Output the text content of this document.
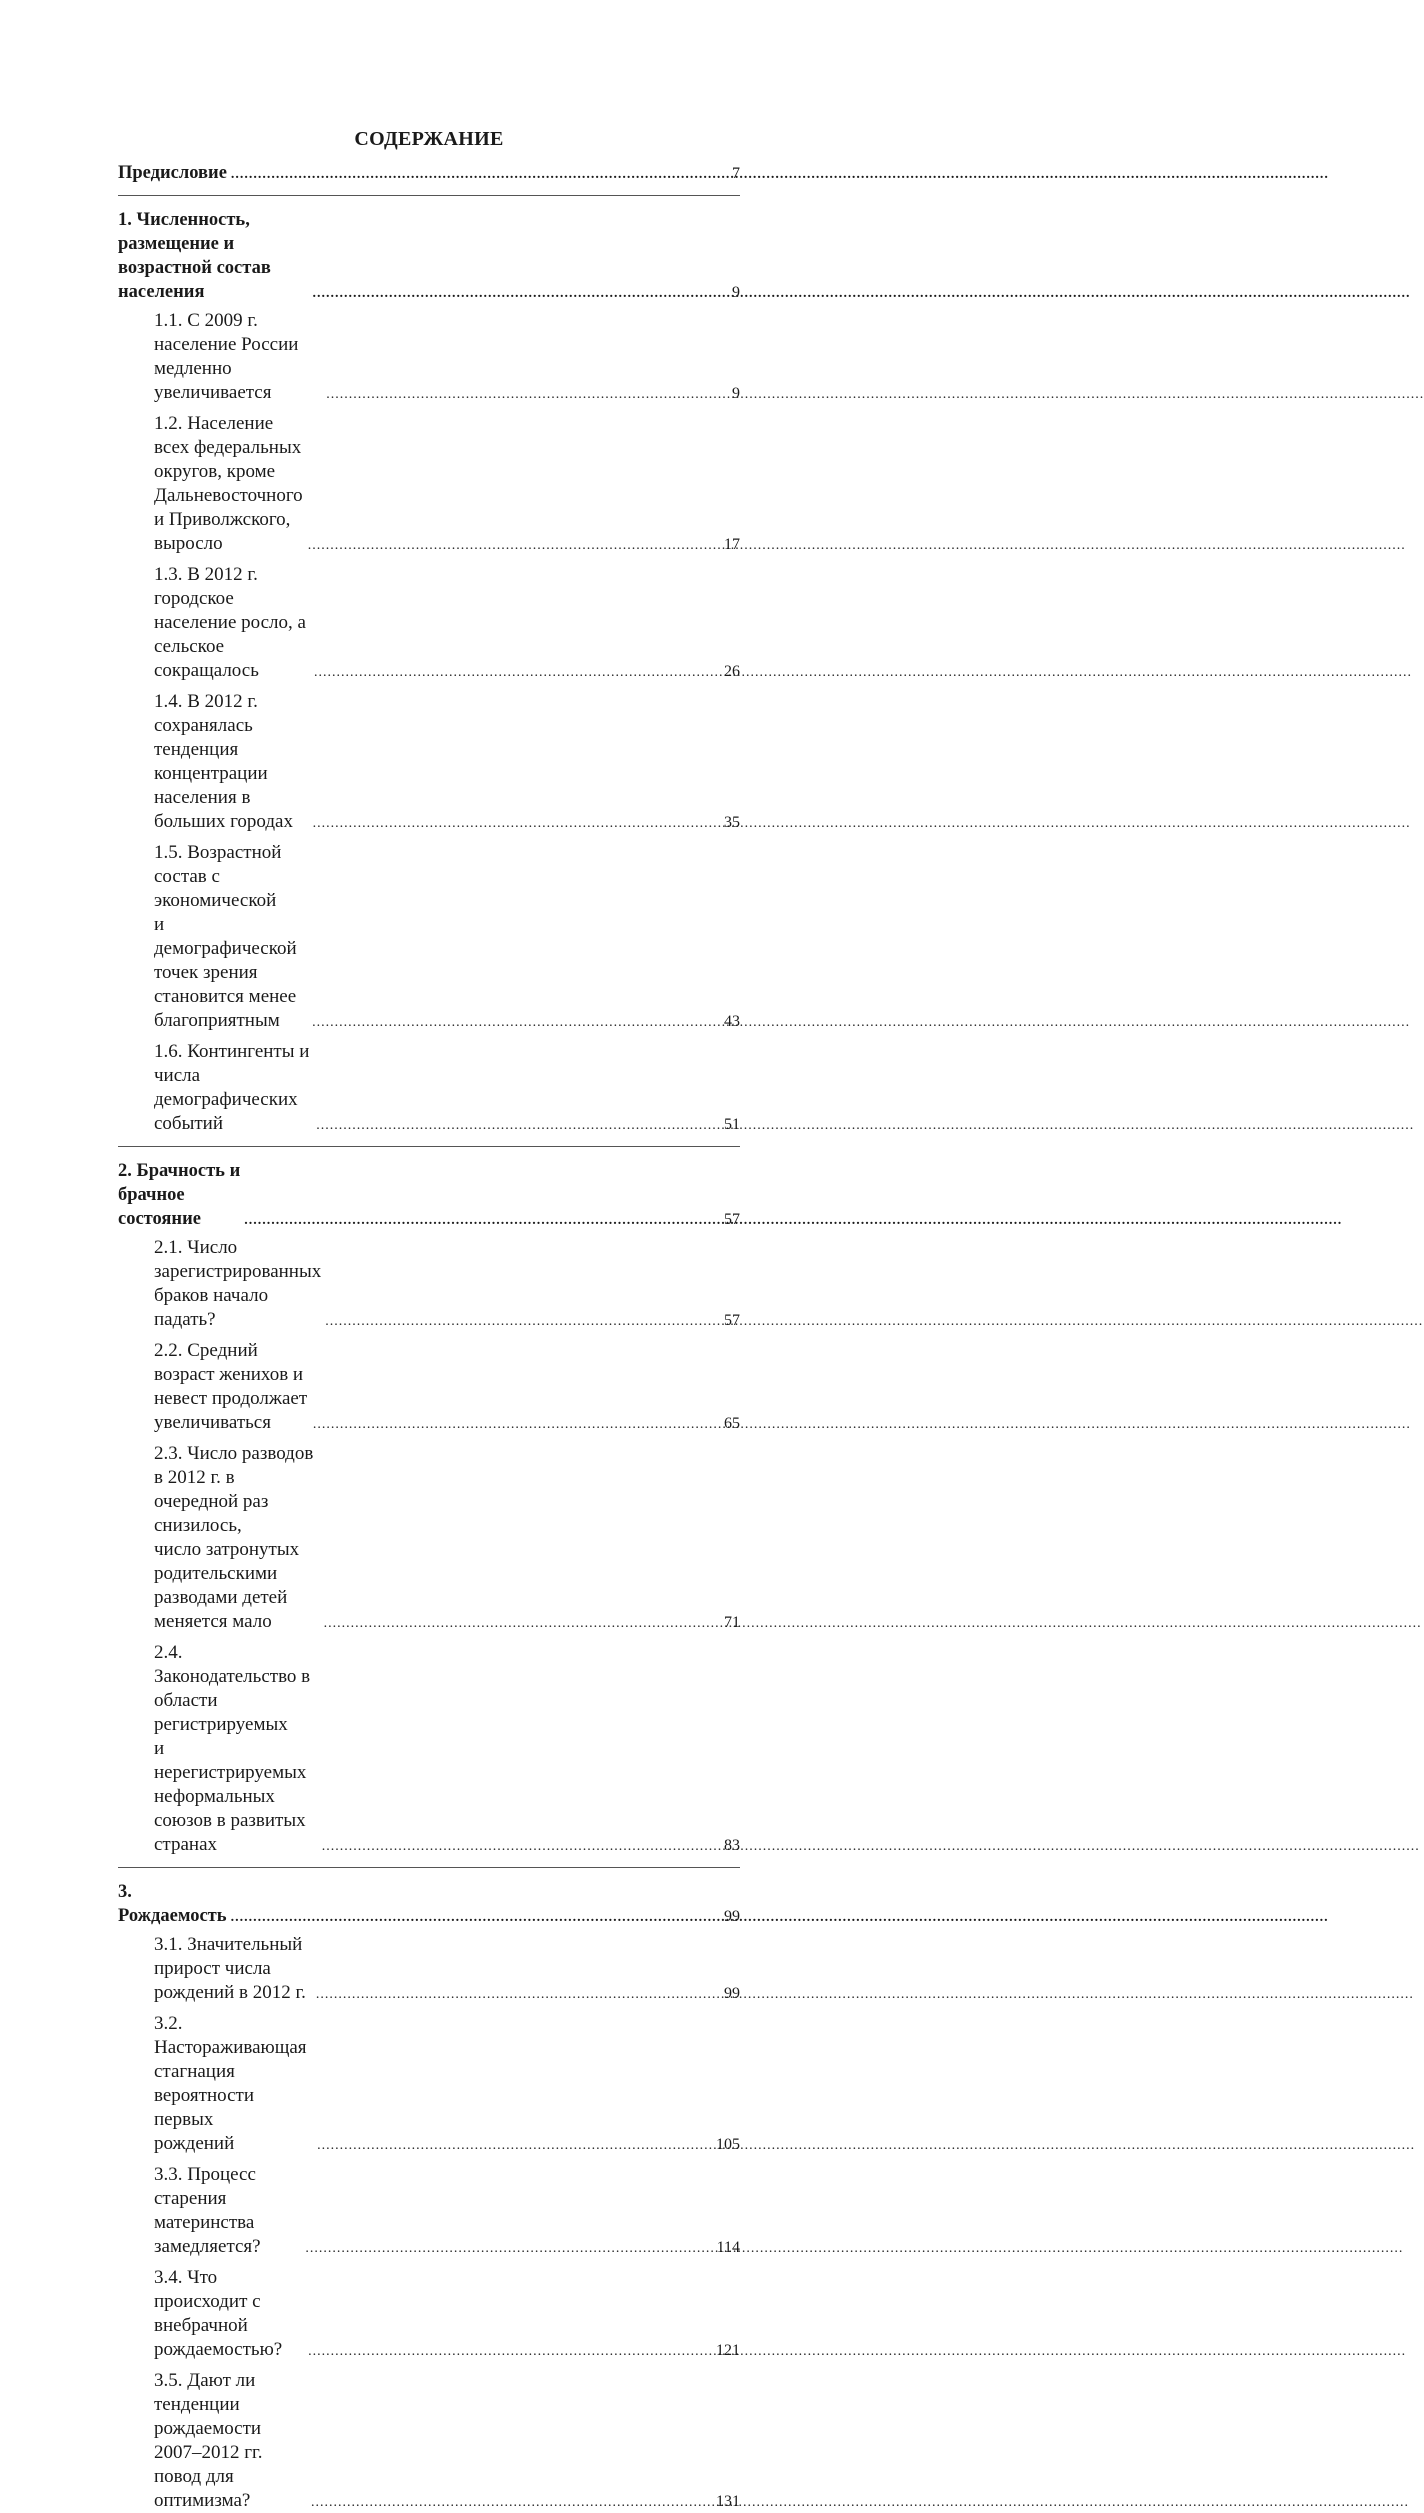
СОДЕРЖАНИЕ
Предисловие .....	7
1. Численность, размещение и возрастной состав населения .....	9
1.1. С 2009 г. население России медленно увеличивается .....	9
1.2. Население всех федеральных округов, кроме
Дальневосточного и Приволжского, выросло .....	17
1.3. В 2012 г. городское население росло, а сельское
сокращалось .....	26
1.4. В 2012 г. сохранялась тенденция концентрации
населения в больших городах .....	35
1.5. Возрастной состав с экономической
и демографической точек зрения становится менее
благоприятным .....	43
1.6. Контингенты и числа демографических событий .....	51
2. Брачность и брачное состояние .....	57
2.1. Число зарегистрированных браков начало падать? .....	57
2.2. Средний возраст женихов и невест продолжает
увеличиваться .....	65
2.3. Число разводов в 2012 г. в очередной раз снизилось,
число затронутых родительскими разводами детей
меняется мало .....	71
2.4. Законодательство в области регистрируемых
и нерегистрируемых неформальных союзов в развитых
странах .....	83
3. Рождаемость .....	99
3.1. Значительный прирост числа рождений в 2012 г. .....	99
3.2. Настораживающая стагнация вероятности первых
рождений .....	105
3.3. Процесс старения материнства замедляется? .....	114
3.4. Что происходит с внебрачной рождаемостью? .....	121
3.5. Дают ли тенденции рождаемости 2007–2012 гг.
повод для оптимизма? .....	131
